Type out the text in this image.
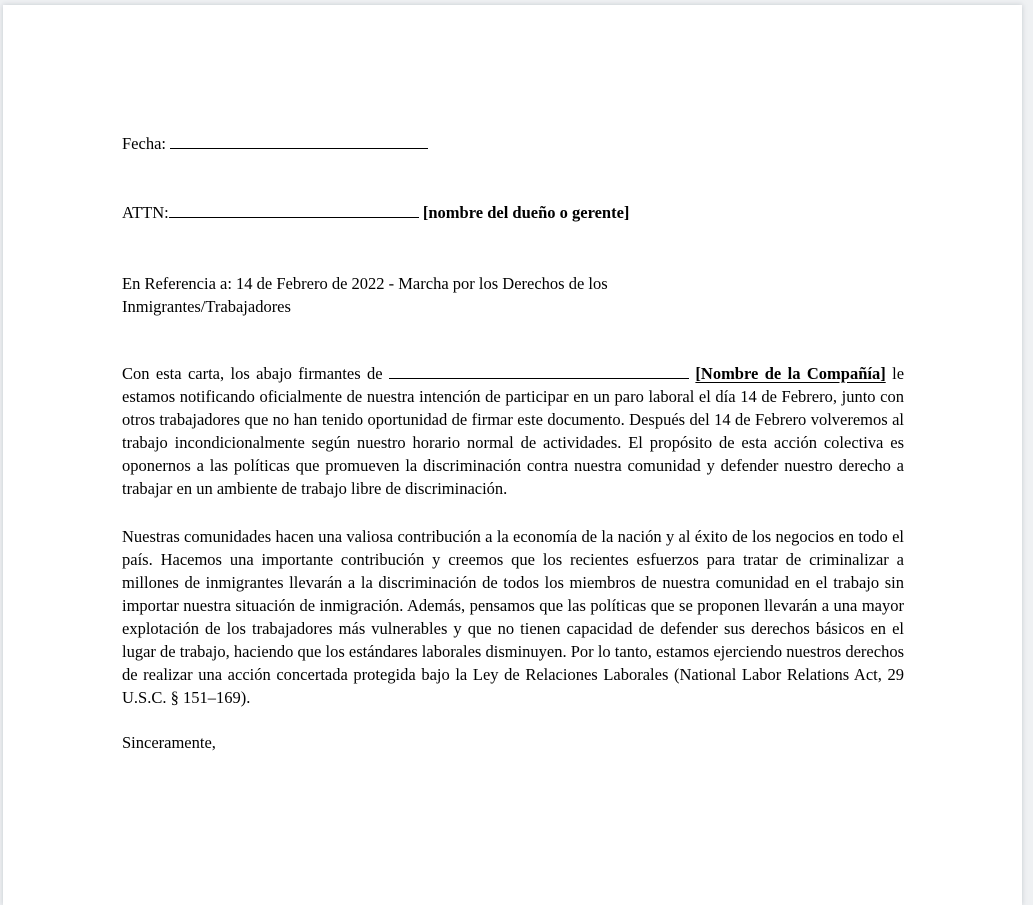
Fecha:
ATTN:	[nombre del dueño o gerente]
En Referencia a: 14 de Febrero de 2022 - Marcha por los Derechos de los
Inmigrantes/Trabajadores
Con esta carta, los abajo firmantes de	[Nombre de la Compañía] le estamos notificando oficialmente de nuestra intención de participar en un paro laboral el día 14 de Febrero, junto con otros trabajadores que no han tenido oportunidad de firmar este documento. Después del 14 de Febrero volveremos al trabajo incondicionalmente según nuestro horario normal de actividades. El propósito de esta acción colectiva es oponernos a las políticas que promueven la discriminación contra nuestra comunidad y defender nuestro derecho a trabajar en un ambiente de trabajo libre de discriminación.
Nuestras comunidades hacen una valiosa contribución a la economía de la nación y al éxito de los negocios en todo el país. Hacemos una importante contribución y creemos que los recientes esfuerzos para tratar de criminalizar a millones de inmigrantes llevarán a la discriminación de todos los miembros de nuestra comunidad en el trabajo sin importar nuestra situación de inmigración. Además, pensamos que las políticas que se proponen llevarán a una mayor explotación de los trabajadores más vulnerables y que no tienen capacidad de defender sus derechos básicos en el lugar de trabajo, haciendo que los estándares laborales disminuyen. Por lo tanto, estamos ejerciendo nuestros derechos de realizar una acción concertada protegida bajo la Ley de Relaciones Laborales (National Labor Relations Act, 29 U.S.C. § 151–169).
Sinceramente,
